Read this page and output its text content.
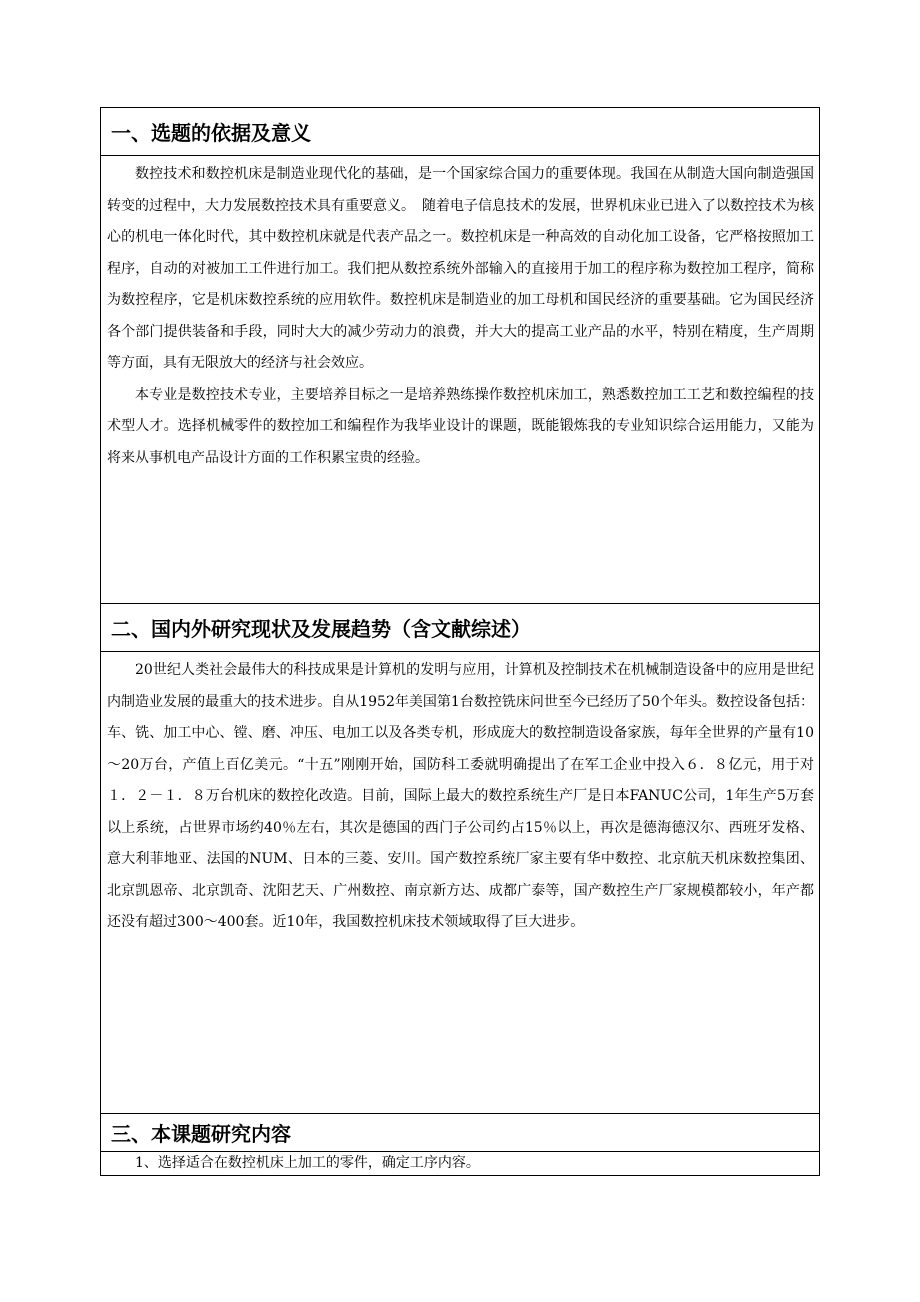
一、选题的依据及意义

数控技术和数控机床是制造业现代化的基础，是一个国家综合国力的重要体现。我国在从制造大国向制造强国转变的过程中，大力发展数控技术具有重要意义。　随着电子信息技术的发展，世界机床业已进入了以数控技术为核心的机电一体化时代，其中数控机床就是代表产品之一。数控机床是一种高效的自动化加工设备，它严格按照加工程序，自动的对被加工工件进行加工。我们把从数控系统外部输入的直接用于加工的程序称为数控加工程序，简称为数控程序，它是机床数控系统的应用软件。数控机床是制造业的加工母机和国民经济的重要基础。它为国民经济各个部门提供装备和手段，同时大大的减少劳动力的浪费，并大大的提高工业产品的水平，特别在精度，生产周期等方面，具有无限放大的经济与社会效应。

本专业是数控技术专业，主要培养目标之一是培养熟练操作数控机床加工，熟悉数控加工工艺和数控编程的技术型人才。选择机械零件的数控加工和编程作为我毕业设计的课题，既能锻炼我的专业知识综合运用能力，又能为将来从事机电产品设计方面的工作积累宝贵的经验。

二、国内外研究现状及发展趋势（含文献综述）

20世纪人类社会最伟大的科技成果是计算机的发明与应用，计算机及控制技术在机械制造设备中的应用是世纪内制造业发展的最重大的技术进步。自从1952年美国第1台数控铣床问世至今已经历了50个年头。数控设备包括：车、铣、加工中心、镗、磨、冲压、电加工以及各类专机，形成庞大的数控制造设备家族，每年全世界的产量有10～20万台，产值上百亿美元。“十五”刚刚开始，国防科工委就明确提出了在军工企业中投入６．８亿元，用于对１．２－１．８万台机床的数控化改造。目前，国际上最大的数控系统生产厂是日本FANUC公司，1年生产5万套以上系统，占世界市场约40％左右，其次是德国的西门子公司约占15％以上，再次是德海德汉尔、西班牙发格、意大利菲地亚、法国的NUM、日本的三菱、安川。国产数控系统厂家主要有华中数控、北京航天机床数控集团、北京凯恩帝、北京凯奇、沈阳艺天、广州数控、南京新方达、成都广泰等，国产数控生产厂家规模都较小，年产都还没有超过300～400套。近10年，我国数控机床技术领域取得了巨大进步。

三、本课题研究内容

1、选择适合在数控机床上加工的零件，确定工序内容。
